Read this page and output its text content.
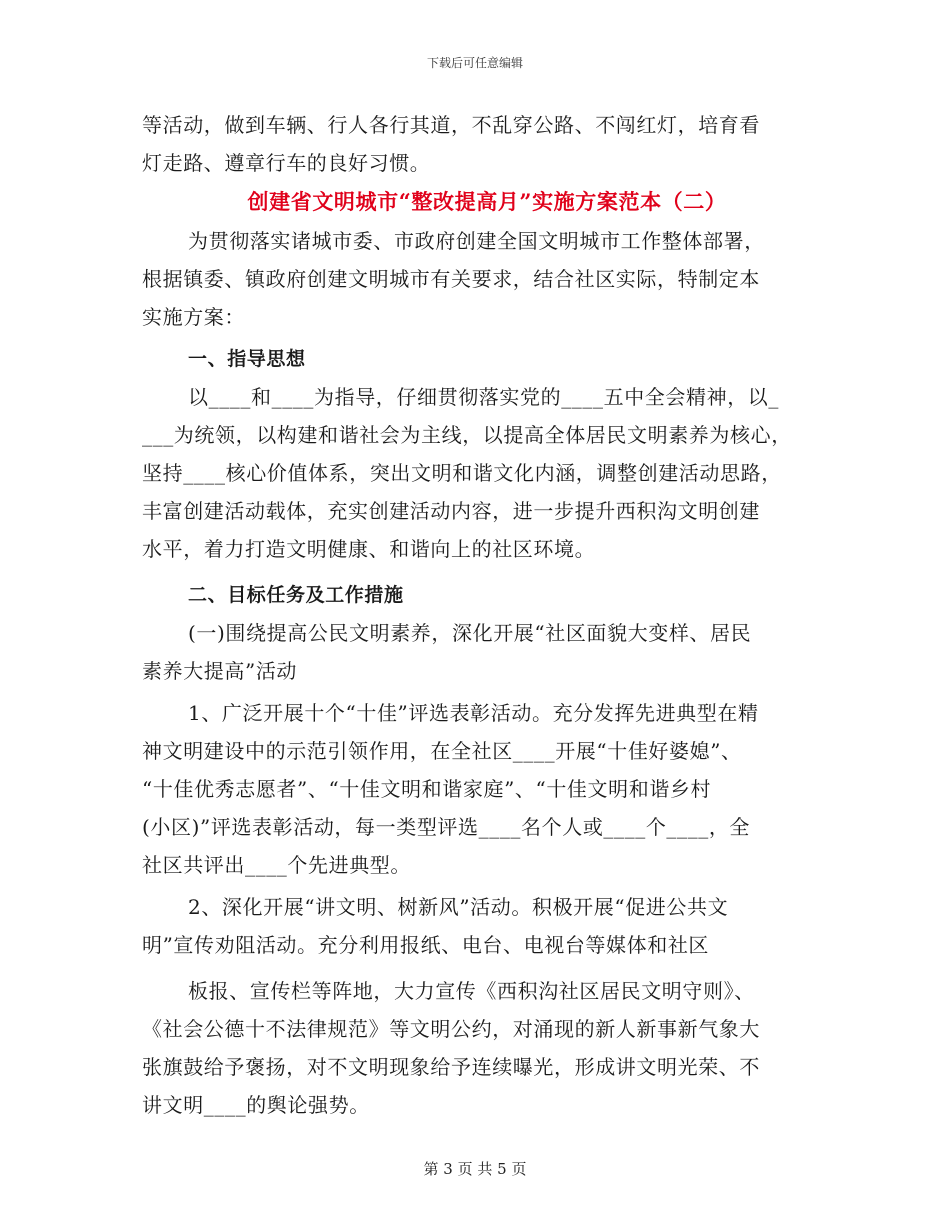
下载后可任意编辑
等活动，做到车辆、行人各行其道，不乱穿公路、不闯红灯，培育看
灯走路、遵章行车的良好习惯。
创建省文明城市“整改提高月”实施方案范本（二）
为贯彻落实诸城市委、市政府创建全国文明城市工作整体部署，
根据镇委、镇政府创建文明城市有关要求，结合社区实际，特制定本
实施方案：
一、指导思想
以____和____为指导，仔细贯彻落实党的____五中全会精神，以_
___为统领，以构建和谐社会为主线，以提高全体居民文明素养为核心，
坚持____核心价值体系，突出文明和谐文化内涵，调整创建活动思路，
丰富创建活动载体，充实创建活动内容，进一步提升西积沟文明创建
水平，着力打造文明健康、和谐向上的社区环境。
二、目标任务及工作措施
(一)围绕提高公民文明素养，深化开展“社区面貌大变样、居民
素养大提高”活动
1、广泛开展十个“十佳”评选表彰活动。充分发挥先进典型在精
神文明建设中的示范引领作用，在全社区____开展“十佳好婆媳”、
“十佳优秀志愿者”、“十佳文明和谐家庭”、“十佳文明和谐乡村
(小区)”评选表彰活动，每一类型评选____名个人或____个____，全
社区共评出____个先进典型。
2、深化开展“讲文明、树新风”活动。积极开展“促进公共文
明”宣传劝阻活动。充分利用报纸、电台、电视台等媒体和社区
板报、宣传栏等阵地，大力宣传《西积沟社区居民文明守则》、
《社会公德十不法律规范》等文明公约，对涌现的新人新事新气象大
张旗鼓给予褒扬，对不文明现象给予连续曝光，形成讲文明光荣、不
讲文明____的舆论强势。
第 3 页 共 5 页
